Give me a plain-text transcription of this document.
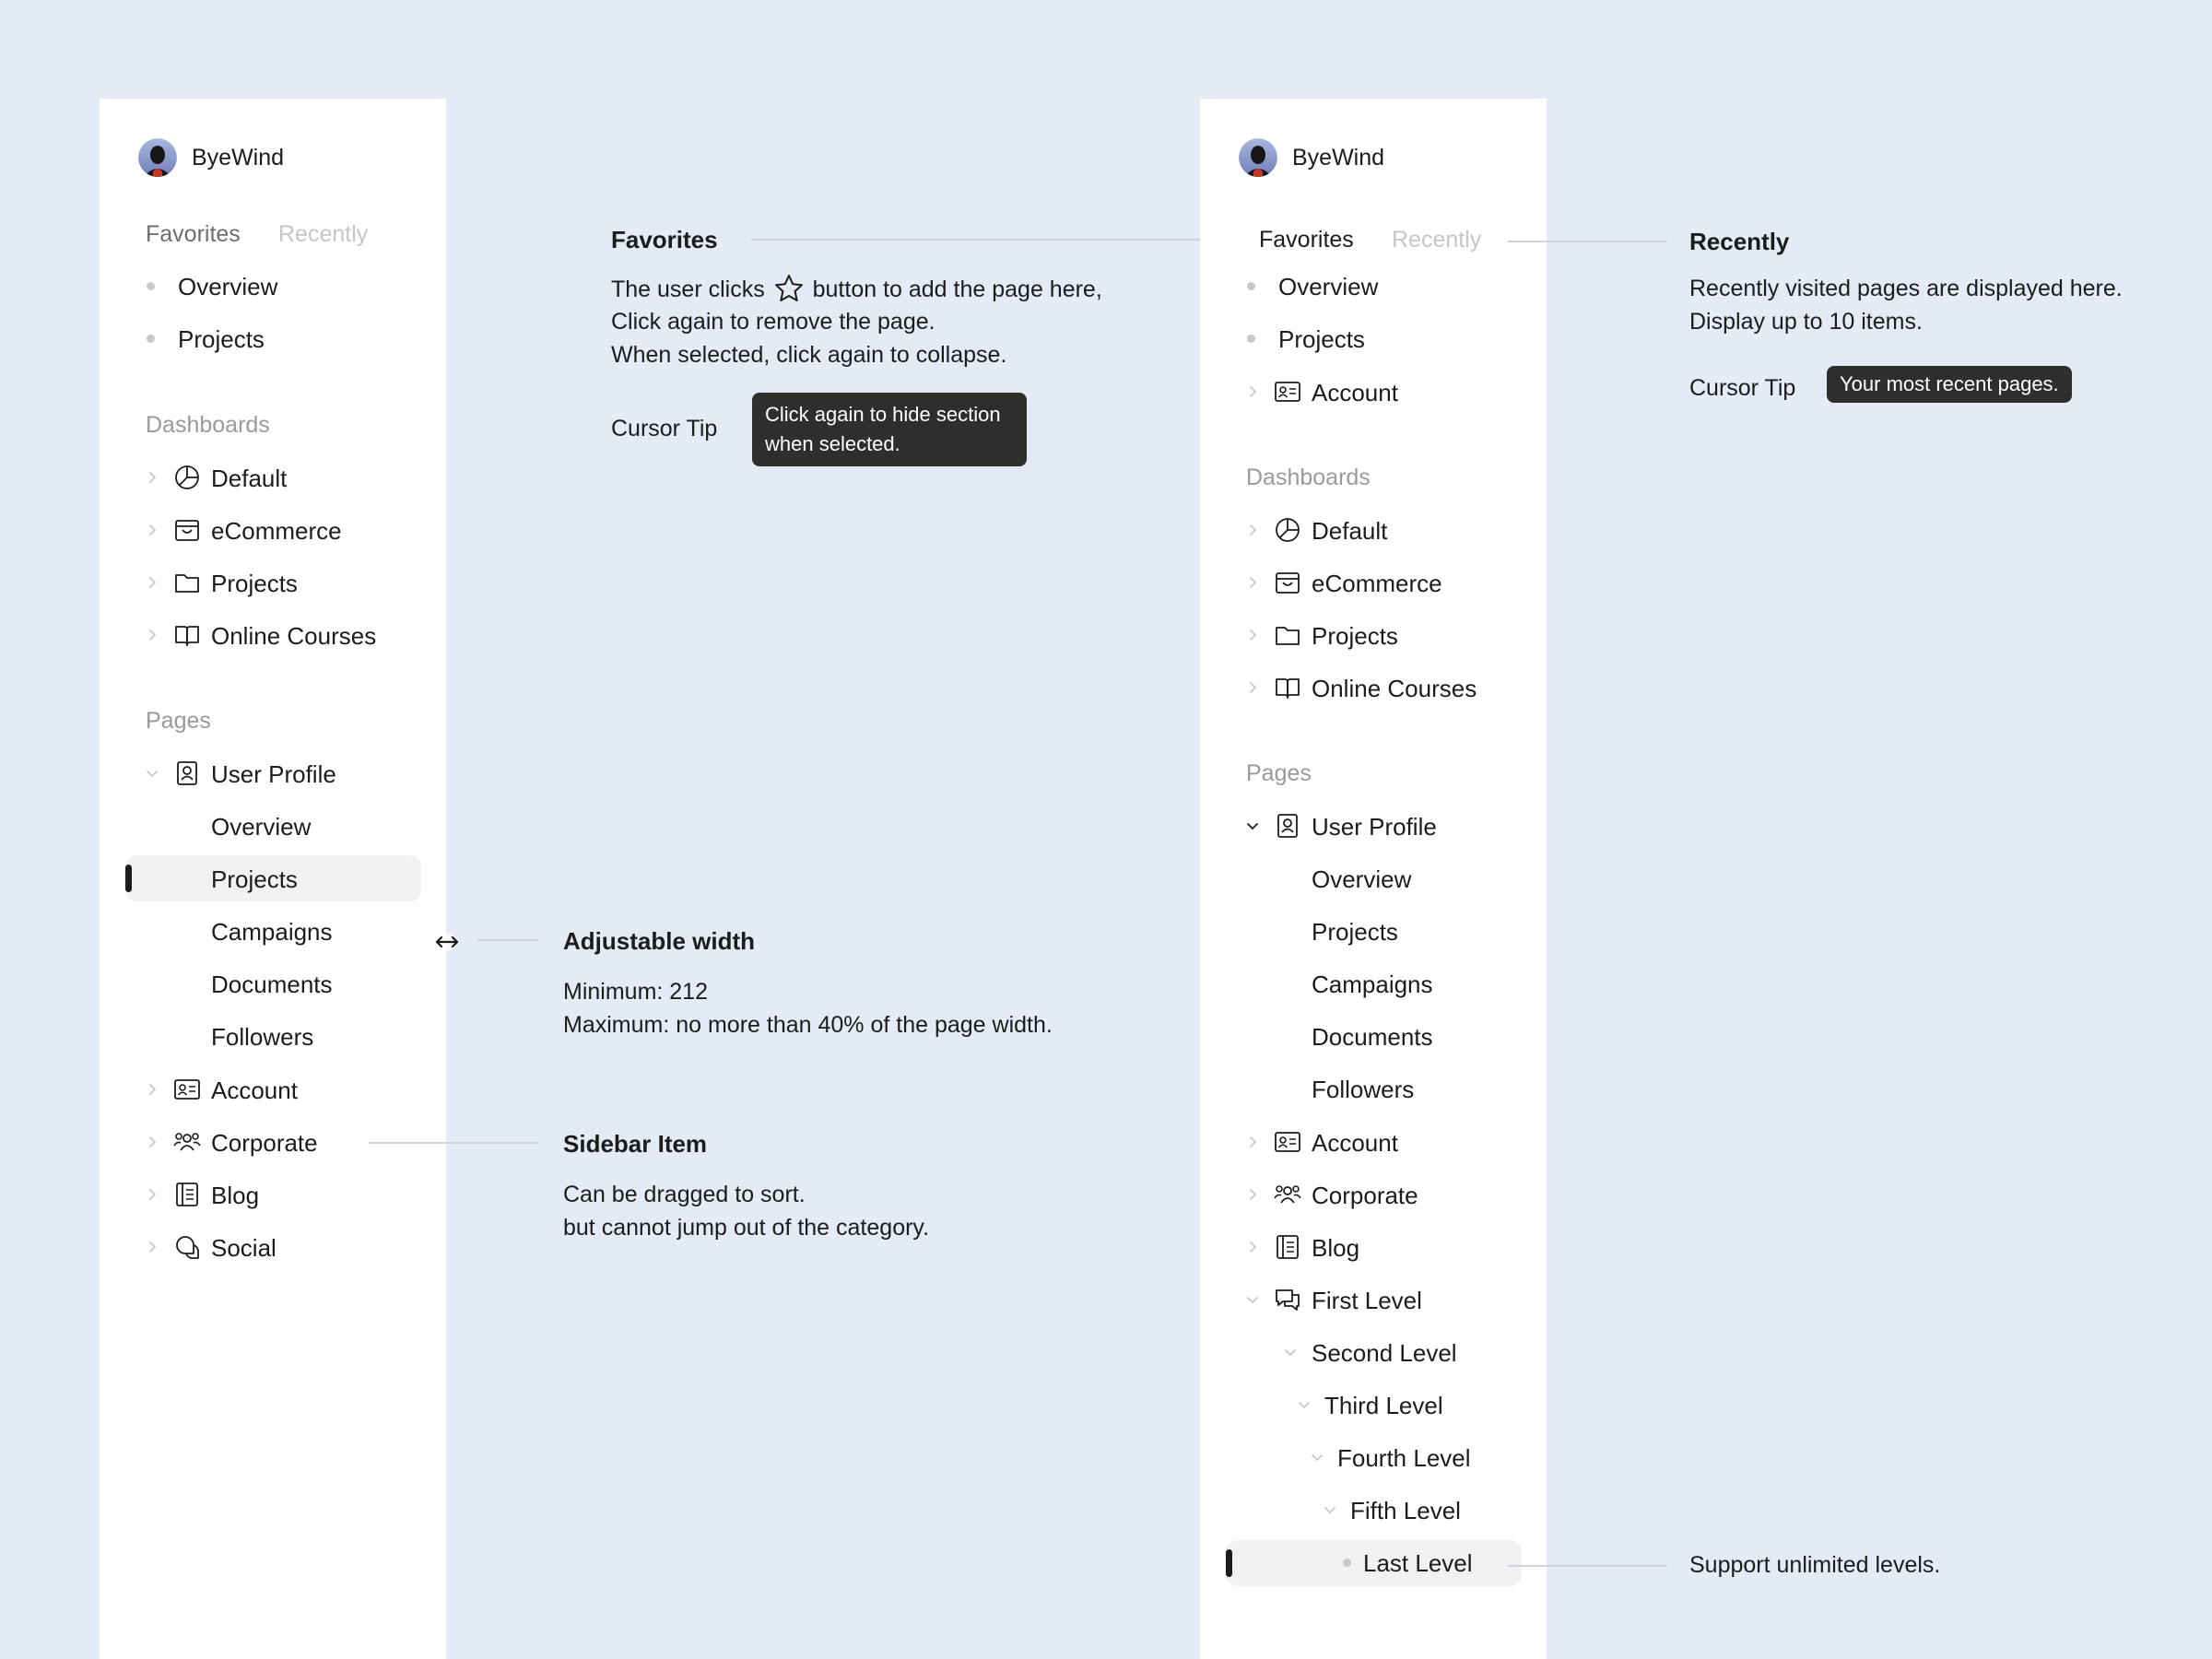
ByeWind
Favorites Recently
Overview
Projects
Dashboards
Default
eCommerce
Projects
Online Courses
Pages
User Profile
Overview
Projects
Campaigns
Documents
Followers
Account
Corporate
Blog
Social
Favorites
The user clicks button to add the page here,
Click again to remove the page.
When selected, click again to collapse.
Cursor Tip
Click again to hide section
when selected.
Adjustable width
Minimum: 212
Maximum: no more than 40% of the page width.
Sidebar Item
Can be dragged to sort.
but cannot jump out of the category.
ByeWind
Favorites Recently
Overview
Projects
Account
Dashboards
Default
eCommerce
Projects
Online Courses
Pages
User Profile
Overview
Projects
Campaigns
Documents
Followers
Account
Corporate
Blog
First Level
Second Level
Third Level
Fourth Level
Fifth Level
Last Level
Recently
Recently visited pages are displayed here.
Display up to 10 items.
Cursor Tip	Your most recent pages.
Support unlimited levels.
